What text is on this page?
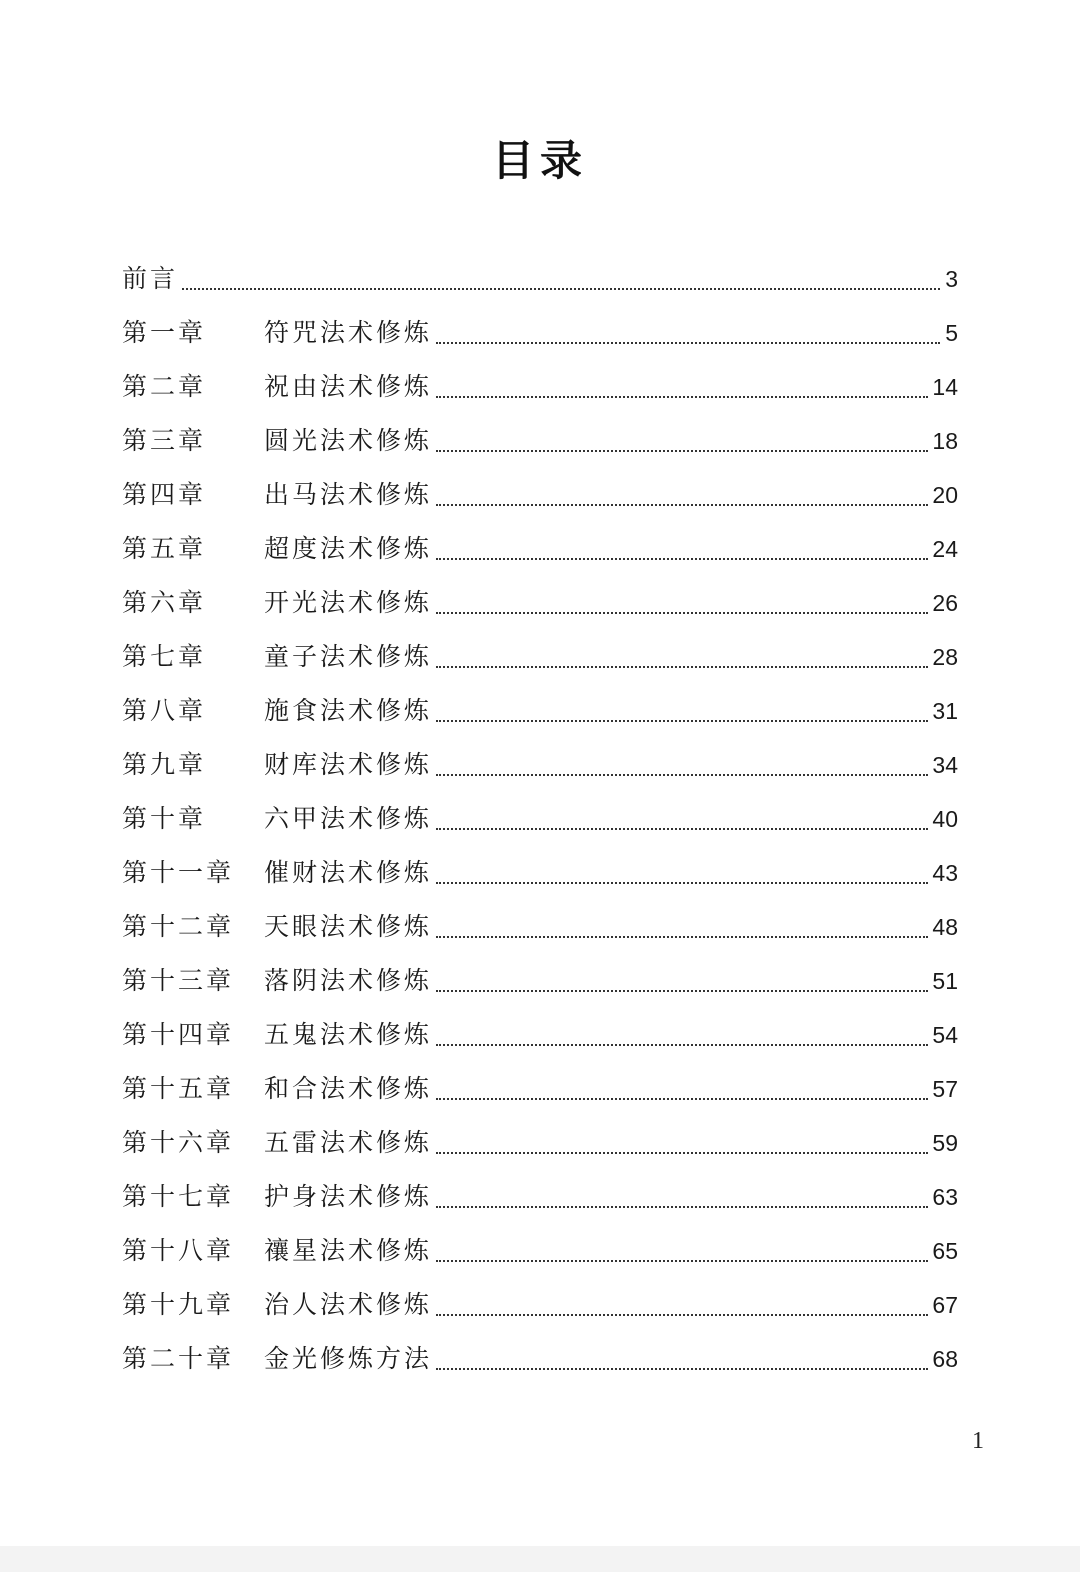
目录
前言	3
第一章	符咒法术修炼	5
第二章	祝由法术修炼	14
第三章	圆光法术修炼	18
第四章	出马法术修炼	20
第五章	超度法术修炼	24
第六章	开光法术修炼	26
第七章	童子法术修炼	28
第八章	施食法术修炼	31
第九章	财库法术修炼	34
第十章	六甲法术修炼	40
第十一章	催财法术修炼	43
第十二章	天眼法术修炼	48
第十三章	落阴法术修炼	51
第十四章	五鬼法术修炼	54
第十五章	和合法术修炼	57
第十六章	五雷法术修炼	59
第十七章	护身法术修炼	63
第十八章	禳星法术修炼	65
第十九章	治人法术修炼	67
第二十章	金光修炼方法	68
1
